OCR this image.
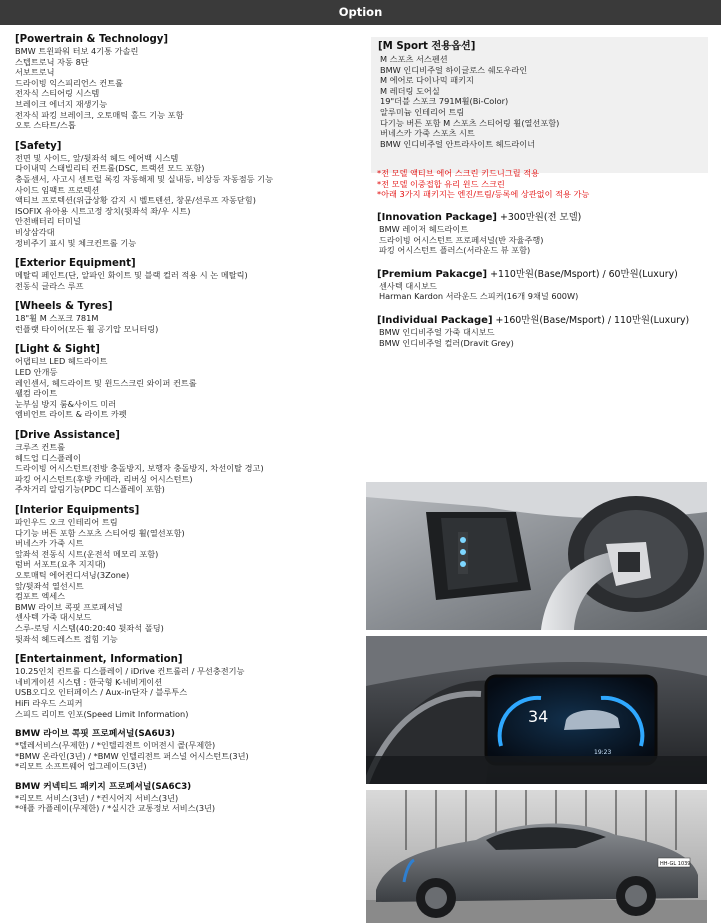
Option
[Powertrain & Technology]
BMW 트윈파워 터보 4기통 가솔린
스텝트로닉 자동 8단
서보트로닉
드라이빙 익스피리언스 컨트롤
전자식 스티어링 시스템
브레이크 에너지 재생기능
전자식 파킹 브레이크, 오토매틱 홀드 기능 포함
오토 스타트/스톱
[Safety]
전면 및 사이드, 앞/뒷좌석 헤드 에어백 시스템
다이내믹 스태빌리티 컨트롤(DSC, 트랙션 모드 포함)
충돌센서, 사고시 센트럴 록킹 자동해제 및 실내등, 비상등 자동점등 기능
사이드 임팩트 프로텍션
액티브 프로텍션(위급상황 감지 시 벨트텐션, 창문/선루프 자동닫힘)
ISOFIX 유아용 시트고정 장치(뒷좌석 좌/우 시트)
안전배터리 터미널
비상삼각대
정비주기 표시 및 체크컨트롤 기능
[Exterior Equipment]
메탈릭 페인트(단, 알파인 화이트 및 블랙 컬러 적용 시 논 메탈릭)
전동식 글라스 루프
[Wheels & Tyres]
18"휠 M 스포크 781M
런플랫 타이어(모든 휠 공기압 모니터링)
[Light & Sight]
어댑티브 LED 헤드라이트
LED 안개등
레인센서, 헤드라이트 및 윈드스크린 와이퍼 컨트롤
웰컴 라이트
눈부심 방지 룸&사이드 미러
엠비언트 라이트 & 라이트 카펫
[Drive Assistance]
크루즈 컨트롤
헤드업 디스플레이
드라이빙 어시스턴트(전방 충돌방지, 보행자 충돌방지, 차선이탈 경고)
파킹 어시스턴트(후방 카메라, 리버싱 어시스턴트)
주차거리 알림기능(PDC 디스플레이 포함)
[Interior Equipments]
파인우드 오크 인테리어 트림
다기능 버튼 포함 스포츠 스티어링 휠(열선포함)
버네스카 가죽 시트
앞좌석 전동식 시트(운전석 메모리 포함)
럼버 서포트(요추 지지대)
오토매틱 에어컨디셔닝(3Zone)
앞/뒷좌석 열선시트
컴포트 엑세스
BMW 라이브 콕핏 프로페셔널
센사텍 가죽 대시보드
스루-로딩 시스템(40:20:40 뒷좌석 폴딩)
뒷좌석 헤드레스트 접힘 기능
[Entertainment, Information]
10.25인치 컨트롤 디스플레이 / iDrive 컨트롤러 / 무선충전기능
네비게이션 시스템 : 한국형 K-네비게이션
USB오디오 인터페이스 / Aux-in단자 / 블루투스
HiFi 라우드 스피커
스피드 리미트 인포(Speed Limit Information)
BMW 라이브 콕핏 프로페셔널(SA6U3)
*텔레서비스(무제한) / *인텔리전트 이머전시 콜(무제한)
*BMW 온라인(3년) / *BMW 인텔리전트 퍼스널 어시스턴트(3년)
*리모트 소프트웨어 업그레이드(3년)
BMW 커넥티드 패키지 프로페셔널(SA6C3)
*리모트 서비스(3년) / *컨시어지 서비스(3년)
*애플 카플레이(무제한) / *실시간 교통정보 서비스(3년)
[M Sport 전용옵션]
M 스포츠 서스펜션
BMW 인디비주얼 하이글로스 쉐도우라인
M 에어로 다이나믹 패키지
M 레더링 도어실
19"더블 스포크 791M휠(Bi-Color)
알루미늄 인테리어 트림
다기능 버튼 포함 M 스포츠 스티어링 휠(열선포함)
버네스카 가죽 스포츠 시트
BMW 인디비주얼 안트라사이트 헤드라이너
*전 모델 액티브 에어 스크린 키드니그릴 적용
*전 모델 이중접합 유리 윈드 스크린
*아래 3가지 패키지는 엔진/트림/등록에 상관없이 적용 가능
[Innovation Package] +300만원(전 모델)
BMW 레이저 헤드라이트
드라이빙 어시스턴트 프로페셔널(반 자율주행)
파킹 어시스턴트 플러스(서라운드 뷰 포함)
[Premium Pakacge] +110만원(Base/Msport) / 60만원(Luxury)
센사텍 대시보드
Harman Kardon 서라운드 스피커(16개 9채널 600W)
[Individual Package] +160만원(Base/Msport) / 110만원(Luxury)
BMW 인디비주얼 가죽 대시보드
BMW 인디비주얼 컬러(Dravit Grey)
34
19:23
HH-GL 1039
